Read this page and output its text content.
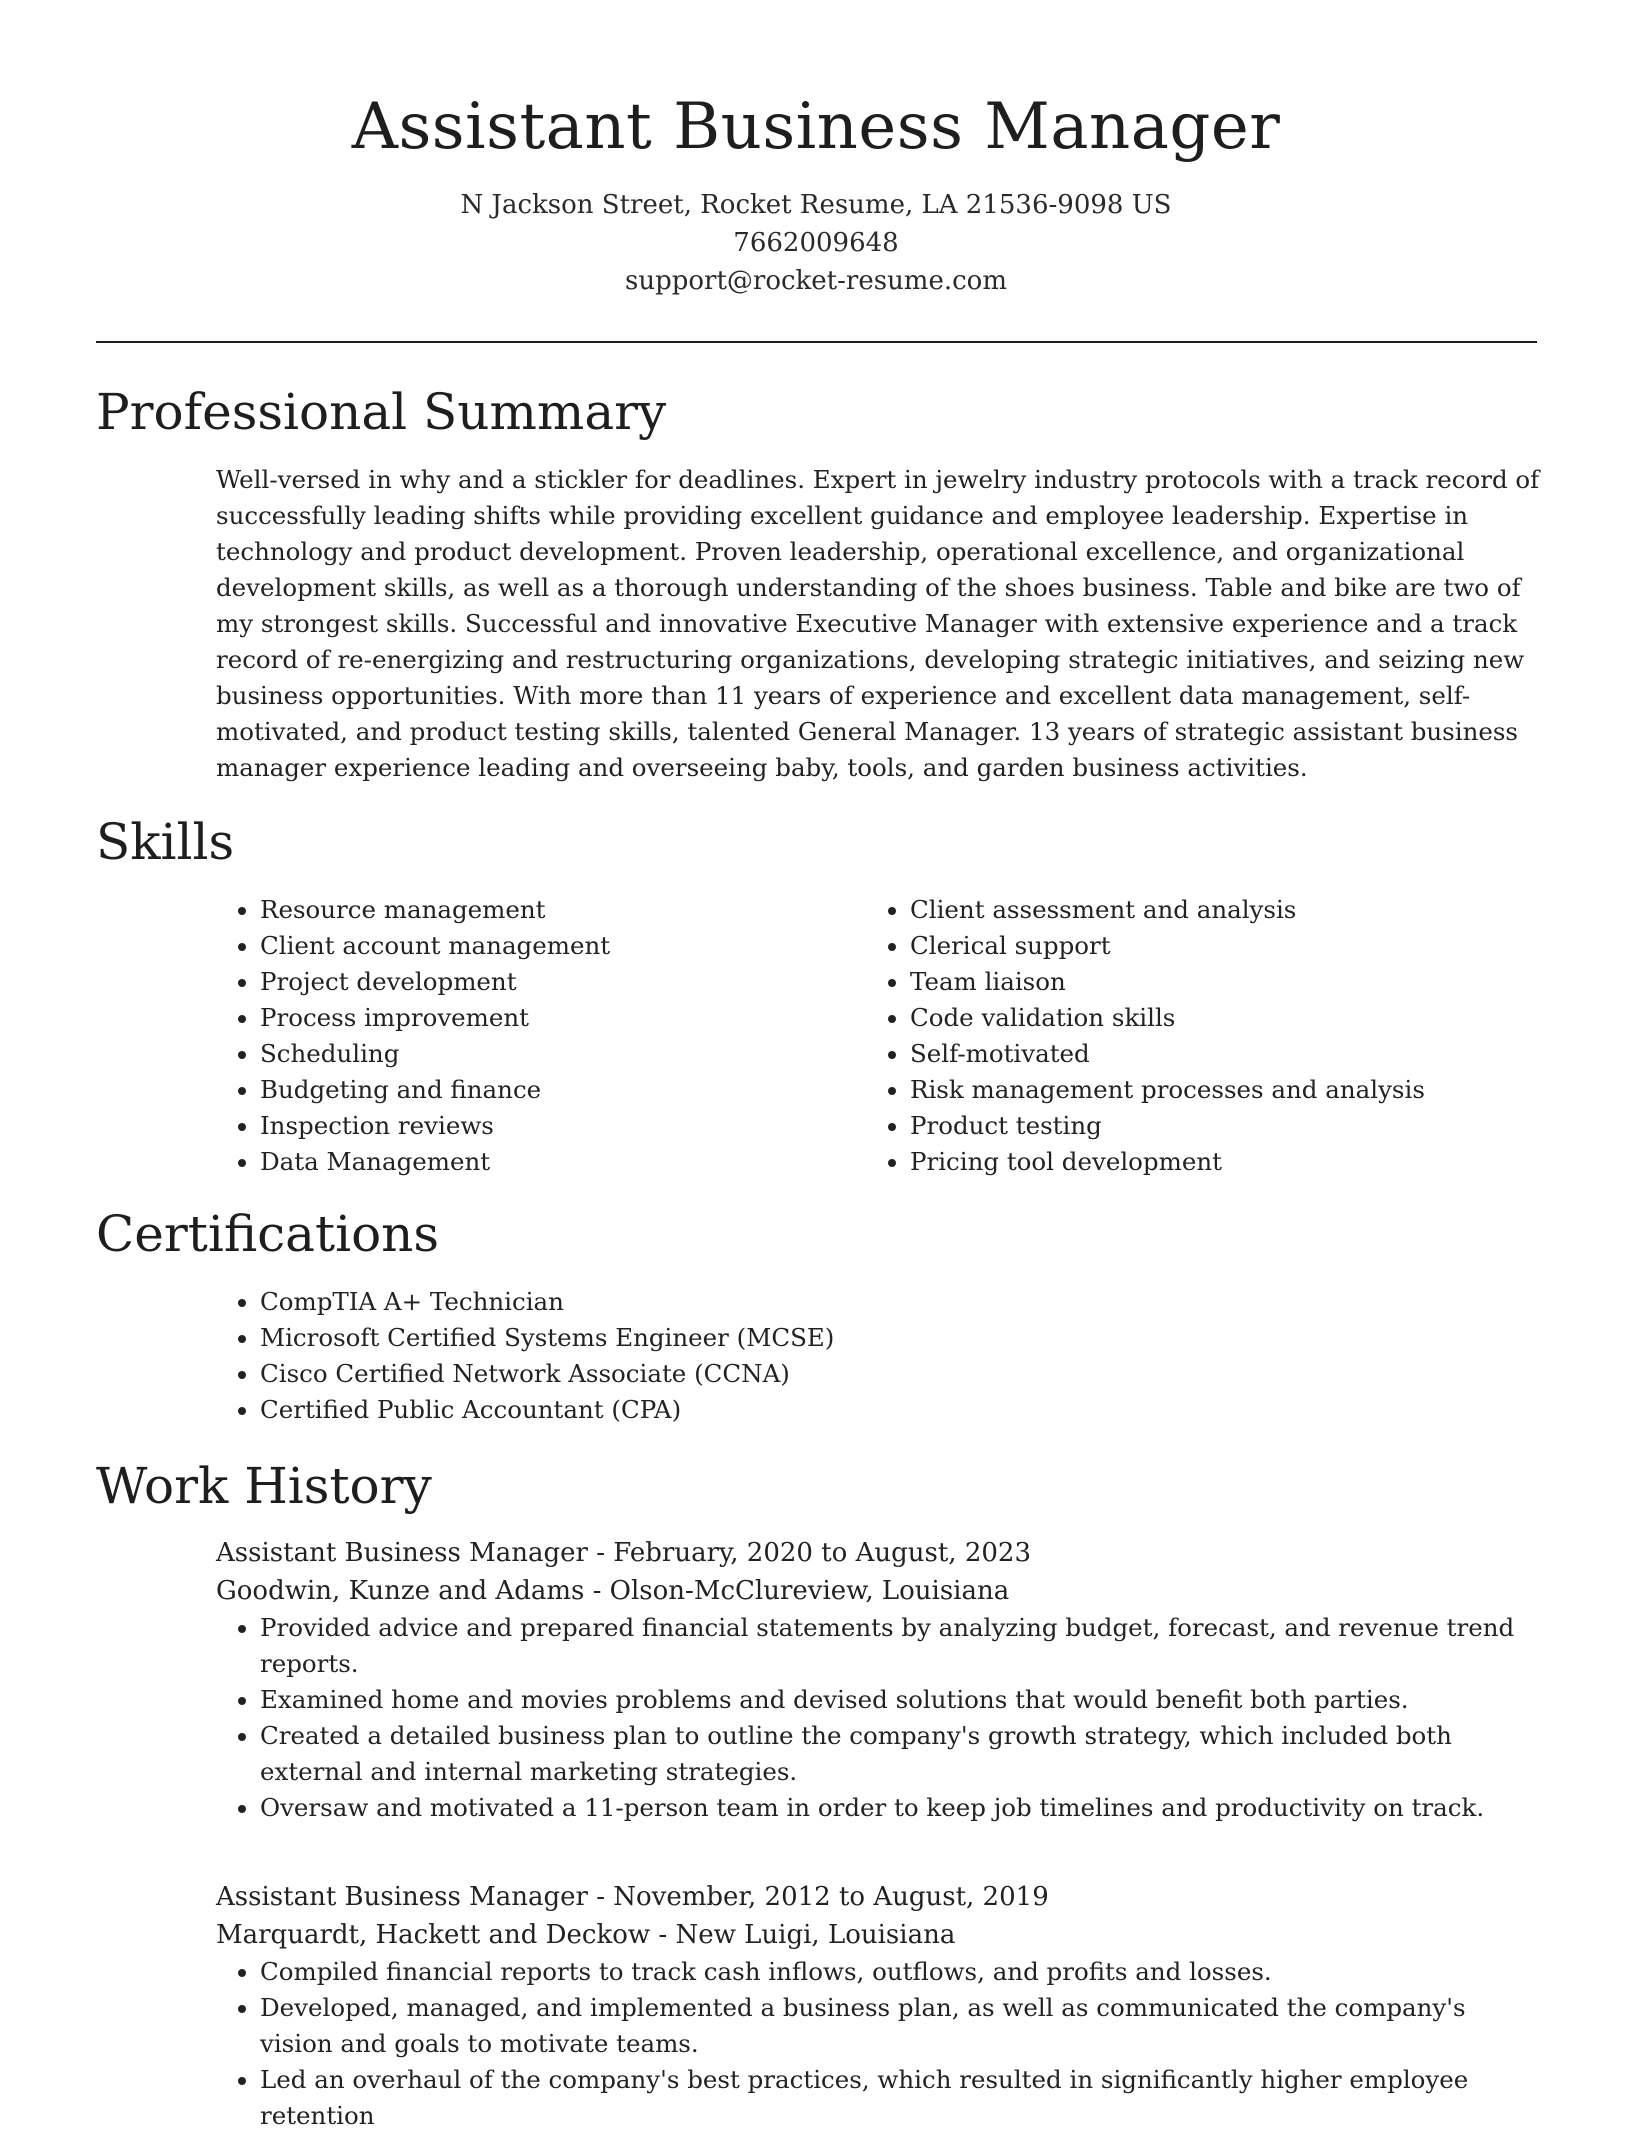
Assistant Business Manager
N Jackson Street, Rocket Resume, LA 21536-9098 US
7662009648
support@rocket-resume.com
Professional Summary
Well-versed in why and a stickler for deadlines. Expert in jewelry industry protocols with a track record of successfully leading shifts while providing excellent guidance and employee leadership. Expertise in technology and product development. Proven leadership, operational excellence, and organizational development skills, as well as a thorough understanding of the shoes business. Table and bike are two of my strongest skills. Successful and innovative Executive Manager with extensive experience and a track record of re-energizing and restructuring organizations, developing strategic initiatives, and seizing new business opportunities. With more than 11 years of experience and excellent data management, self-motivated, and product testing skills, talented General Manager. 13 years of strategic assistant business manager experience leading and overseeing baby, tools, and garden business activities.
Skills
• Resource management
• Client account management
• Project development
• Process improvement
• Scheduling
• Budgeting and finance
• Inspection reviews
• Data Management
• Client assessment and analysis
• Clerical support
• Team liaison
• Code validation skills
• Self-motivated
• Risk management processes and analysis
• Product testing
• Pricing tool development
Certifications
• CompTIA A+ Technician
• Microsoft Certified Systems Engineer (MCSE)
• Cisco Certified Network Associate (CCNA)
• Certified Public Accountant (CPA)
Work History
Assistant Business Manager - February, 2020 to August, 2023
Goodwin, Kunze and Adams - Olson-McClureview, Louisiana
• Provided advice and prepared financial statements by analyzing budget, forecast, and revenue trend reports.
• Examined home and movies problems and devised solutions that would benefit both parties.
• Created a detailed business plan to outline the company's growth strategy, which included both external and internal marketing strategies.
• Oversaw and motivated a 11-person team in order to keep job timelines and productivity on track.
Assistant Business Manager - November, 2012 to August, 2019
Marquardt, Hackett and Deckow - New Luigi, Louisiana
• Compiled financial reports to track cash inflows, outflows, and profits and losses.
• Developed, managed, and implemented a business plan, as well as communicated the company's vision and goals to motivate teams.
• Led an overhaul of the company's best practices, which resulted in significantly higher employee retention
